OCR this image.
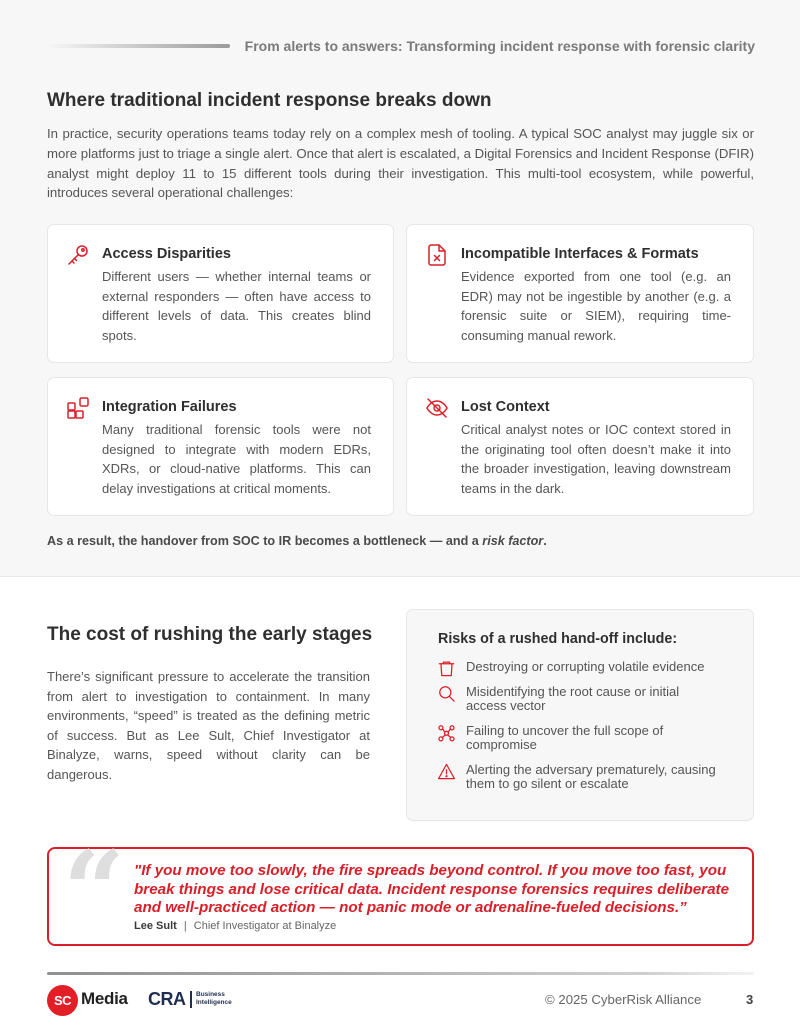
From alerts to answers: Transforming incident response with forensic clarity
Where traditional incident response breaks down

In practice, security operations teams today rely on a complex mesh of tooling. A typical SOC analyst may juggle six or more platforms just to triage a single alert. Once that alert is escalated, a Digital Forensics and Incident Response (DFIR) analyst might deploy 11 to 15 different tools during their investigation. This multi-tool ecosystem, while powerful, introduces several operational challenges:

Access Disparities
Different users — whether internal teams or external responders — often have access to different levels of data. This creates blind spots.
Incompatible Interfaces & Formats
Evidence exported from one tool (e.g. an EDR) may not be ingestible by another (e.g. a forensic suite or SIEM), requiring time-consuming manual rework.
Integration Failures
Many traditional forensic tools were not designed to integrate with modern EDRs, XDRs, or cloud-native platforms. This can delay investigations at critical moments.
Lost Context
Critical analyst notes or IOC context stored in the originating tool often doesn’t make it into the broader investigation, leaving downstream teams in the dark.

As a result, the handover from SOC to IR becomes a bottleneck — and a risk factor.

The cost of rushing the early stages

There’s significant pressure to accelerate the transition from alert to investigation to containment. In many environments, “speed” is treated as the defining metric of success. But as Lee Sult, Chief Investigator at Binalyze, warns, speed without clarity can be dangerous.

Risks of a rushed hand-off include:
Destroying or corrupting volatile evidence
Misidentifying the root cause or initial access vector
Failing to uncover the full scope of compromise
Alerting the adversary prematurely, causing them to go silent or escalate
“ "If you move too slowly, the fire spreads beyond control. If you move too fast, you break things and lose critical data. Incident response forensics requires deliberate and well-practiced action — not panic mode or adrenaline-fueled decisions.”
Lee Sult | Chief Investigator at Binalyze
SC Media CRA Business
Intelligence	© 2025 CyberRisk Alliance	3
